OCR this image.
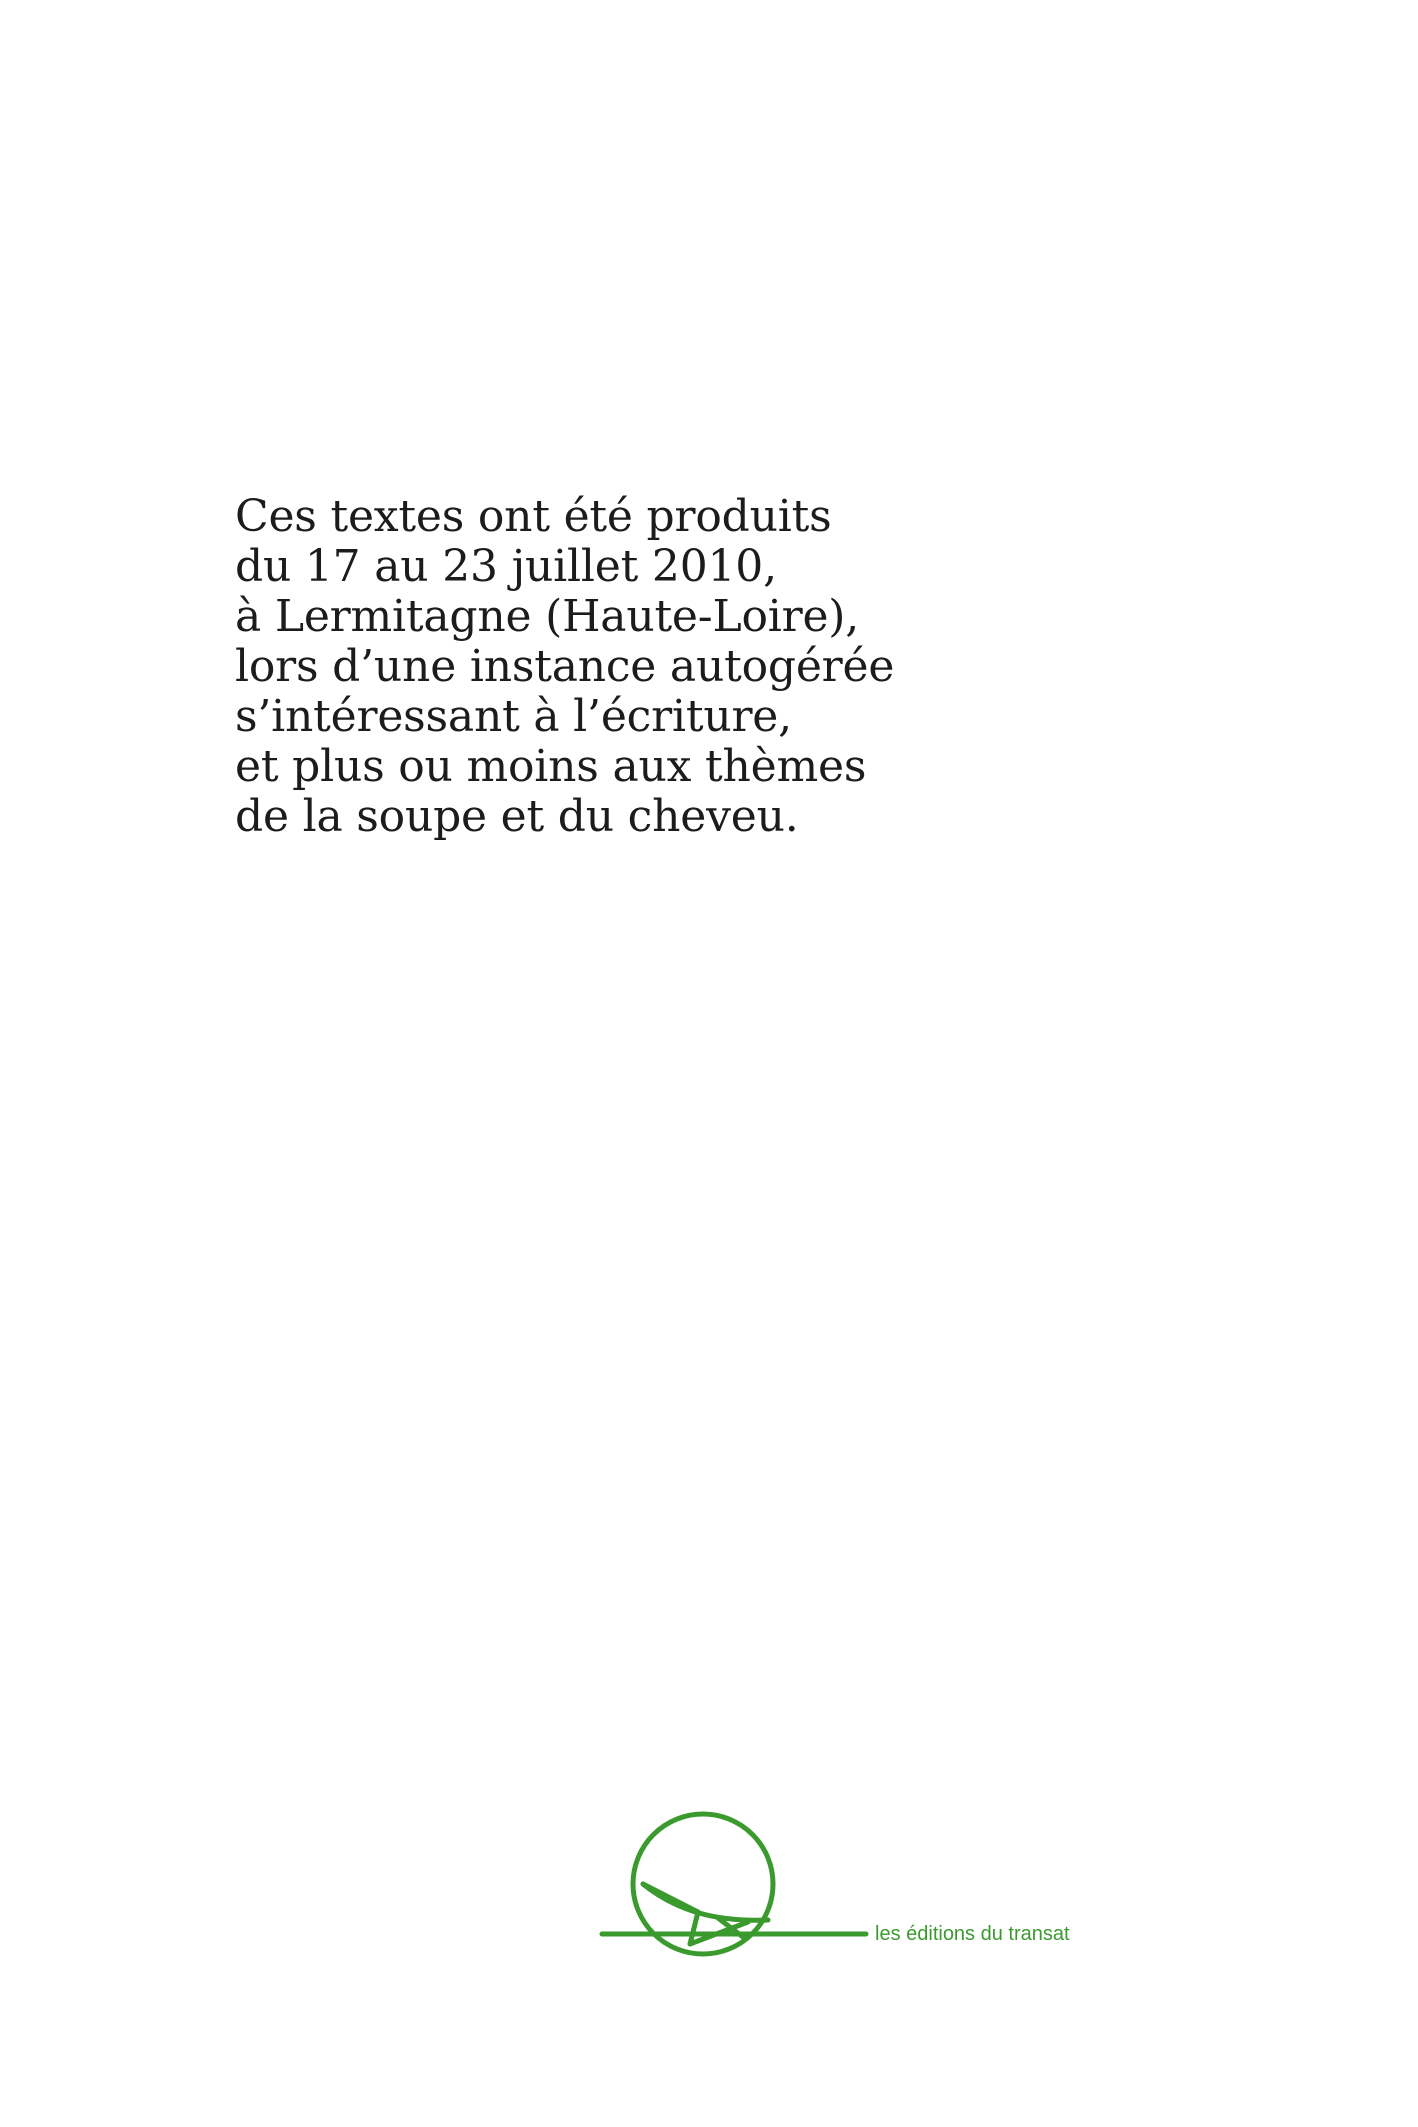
Ces textes ont été produits
du 17 au 23 juillet 2010,
à Lermitagne (Haute-Loire),
lors d’une instance autogérée
s’intéressant à l’écriture,
et plus ou moins aux thèmes
de la soupe et du cheveu.
les éditions du transat
